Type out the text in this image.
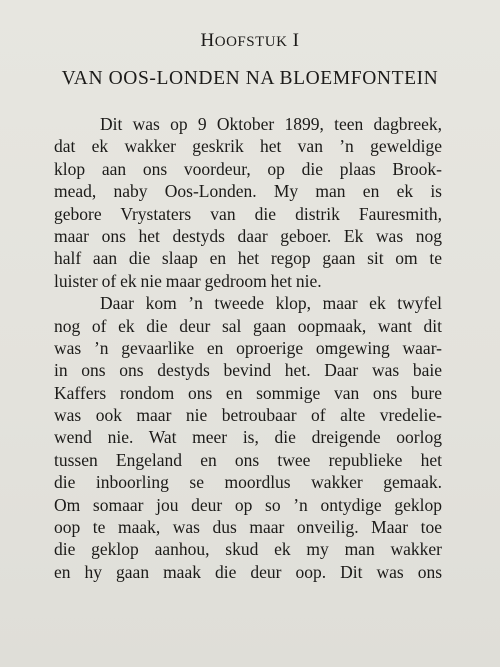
HOOFSTUK I
VAN OOS-LONDEN NA BLOEMFONTEIN
Dit was op 9 Oktober 1899, teen dagbreek,
dat ek wakker geskrik het van ’n geweldige
klop aan ons voordeur, op die plaas Brook-
mead, naby Oos-Londen. My man en ek is
gebore Vrystaters van die distrik Fauresmith,
maar ons het destyds daar geboer. Ek was nog
half aan die slaap en het regop gaan sit om te
luister of ek nie maar gedroom het nie.
Daar kom ’n tweede klop, maar ek twyfel
nog of ek die deur sal gaan oopmaak, want dit
was ’n gevaarlike en oproerige omgewing waar-
in ons ons destyds bevind het. Daar was baie
Kaffers rondom ons en sommige van ons bure
was ook maar nie betroubaar of alte vredelie-
wend nie. Wat meer is, die dreigende oorlog
tussen Engeland en ons twee republieke het
die inboorling se moordlus wakker gemaak.
Om somaar jou deur op so ’n ontydige geklop
oop te maak, was dus maar onveilig. Maar toe
die geklop aanhou, skud ek my man wakker
en hy gaan maak die deur oop. Dit was ons
